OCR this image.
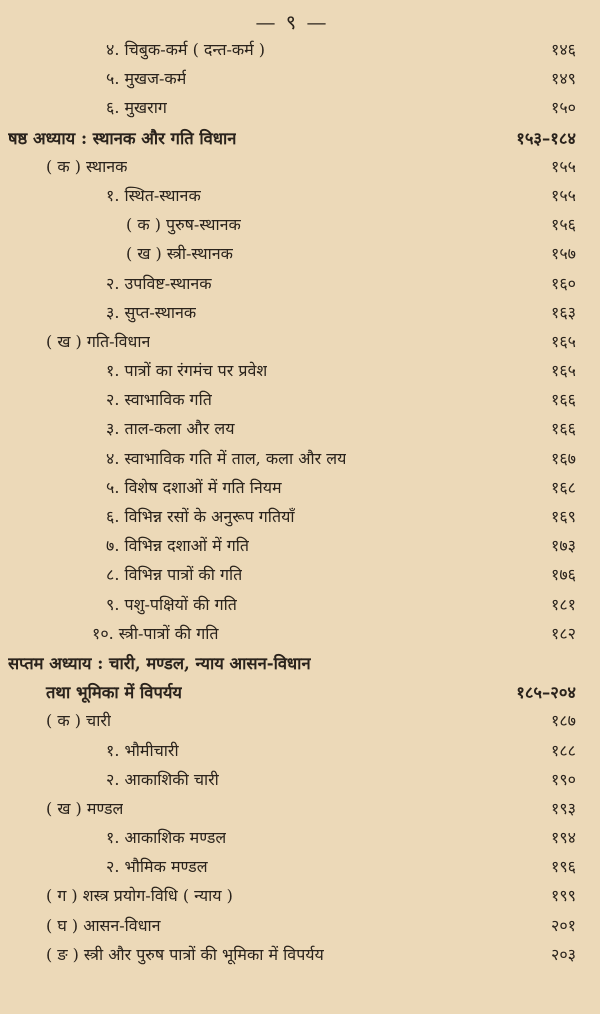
— ९ —
४. चिबुक-कर्म ( दन्त-कर्म )	१४६
५. मुखज-कर्म	१४९
६. मुखराग	१५०
षष्ठ अध्याय : स्थानक और गति विधान	१५३–१८४
( क ) स्थानक	१५५
१. स्थित-स्थानक	१५५
( क ) पुरुष-स्थानक	१५६
( ख ) स्त्री-स्थानक	१५७
२. उपविष्ट-स्थानक	१६०
३. सुप्त-स्थानक	१६३
( ख ) गति-विधान	१६५
१. पात्रों का रंगमंच पर प्रवेश	१६५
२. स्वाभाविक गति	१६६
३. ताल-कला और लय	१६६
४. स्वाभाविक गति में ताल, कला और लय	१६७
५. विशेष दशाओं में गति नियम	१६८
६. विभिन्न रसों के अनुरूप गतियाँ	१६९
७. विभिन्न दशाओं में गति	१७३
८. विभिन्न पात्रों की गति	१७६
९. पशु-पक्षियों की गति	१८१
१०. स्त्री-पात्रों की गति	१८२
सप्तम अध्याय : चारी, मण्डल, न्याय आसन-विधान
तथा भूमिका में विपर्यय	१८५–२०४
( क ) चारी	१८७
१. भौमीचारी	१८८
२. आकाशिकी चारी	१९०
( ख ) मण्डल	१९३
१. आकाशिक मण्डल	१९४
२. भौमिक मण्डल	१९६
( ग ) शस्त्र प्रयोग-विधि ( न्याय )	१९९
( घ ) आसन-विधान	२०१
( ङ ) स्त्री और पुरुष पात्रों की भूमिका में विपर्यय	२०३
